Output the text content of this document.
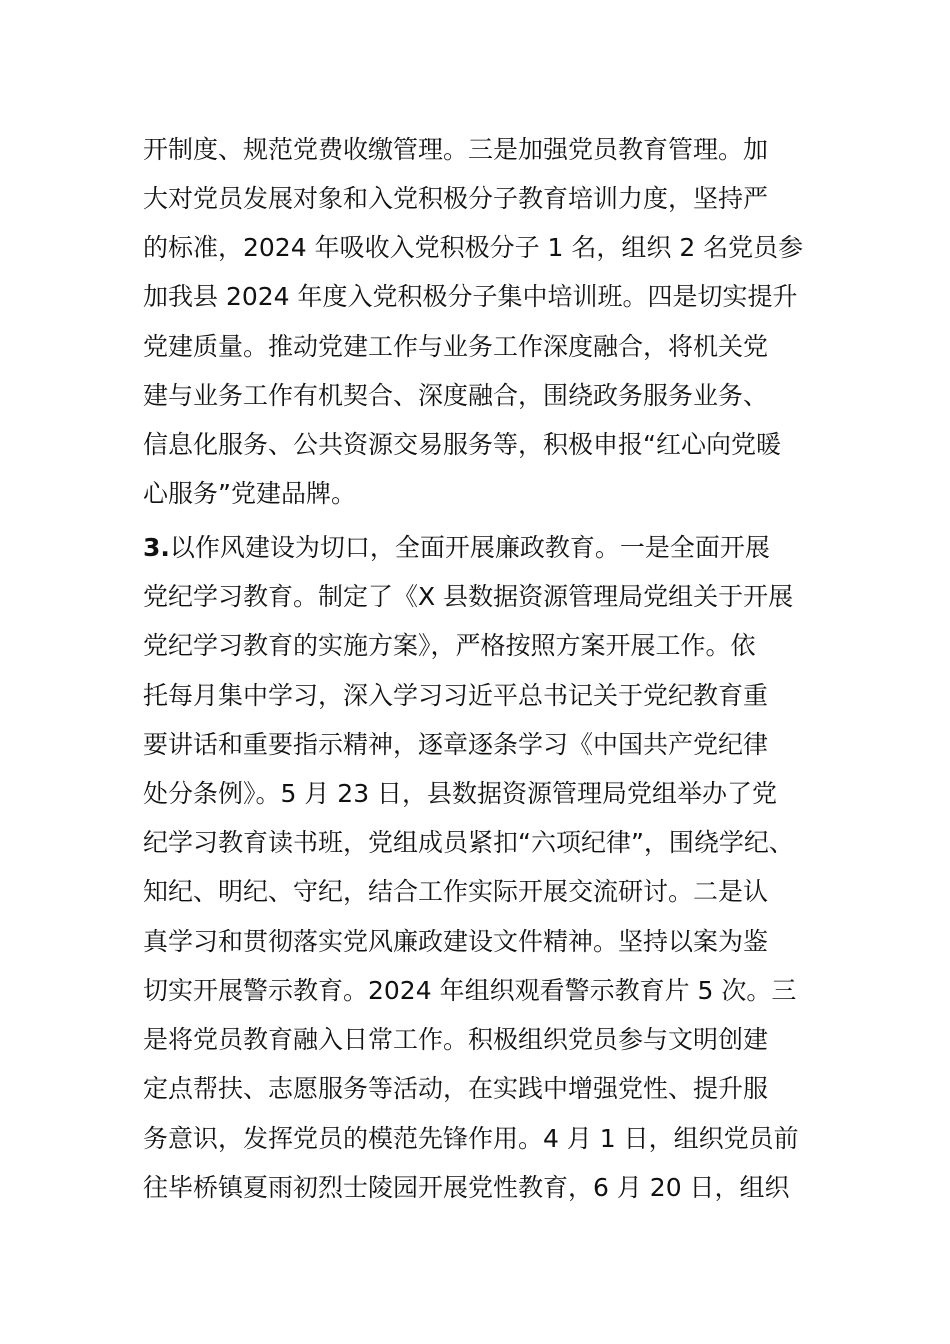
开制度、规范党费收缴管理。三是加强党员教育管理。加
大对党员发展对象和入党积极分子教育培训力度，坚持严
的标准，2024 年吸收入党积极分子 1 名，组织 2 名党员参
加我县 2024 年度入党积极分子集中培训班。四是切实提升
党建质量。推动党建工作与业务工作深度融合，将机关党
建与业务工作有机契合、深度融合，围绕政务服务业务、
信息化服务、公共资源交易服务等，积极申报“红心向党暖
心服务”党建品牌。
3.以作风建设为切口，全面开展廉政教育。一是全面开展
党纪学习教育。制定了《X 县数据资源管理局党组关于开展
党纪学习教育的实施方案》，严格按照方案开展工作。依
托每月集中学习，深入学习习近平总书记关于党纪教育重
要讲话和重要指示精神，逐章逐条学习《中国共产党纪律
处分条例》。5 月 23 日，县数据资源管理局党组举办了党
纪学习教育读书班，党组成员紧扣“六项纪律”，围绕学纪、
知纪、明纪、守纪，结合工作实际开展交流研讨。二是认
真学习和贯彻落实党风廉政建设文件精神。坚持以案为鉴
切实开展警示教育。2024 年组织观看警示教育片 5 次。三
是将党员教育融入日常工作。积极组织党员参与文明创建
定点帮扶、志愿服务等活动，在实践中增强党性、提升服
务意识，发挥党员的模范先锋作用。4 月 1 日，组织党员前
往毕桥镇夏雨初烈士陵园开展党性教育，6 月 20 日，组织
